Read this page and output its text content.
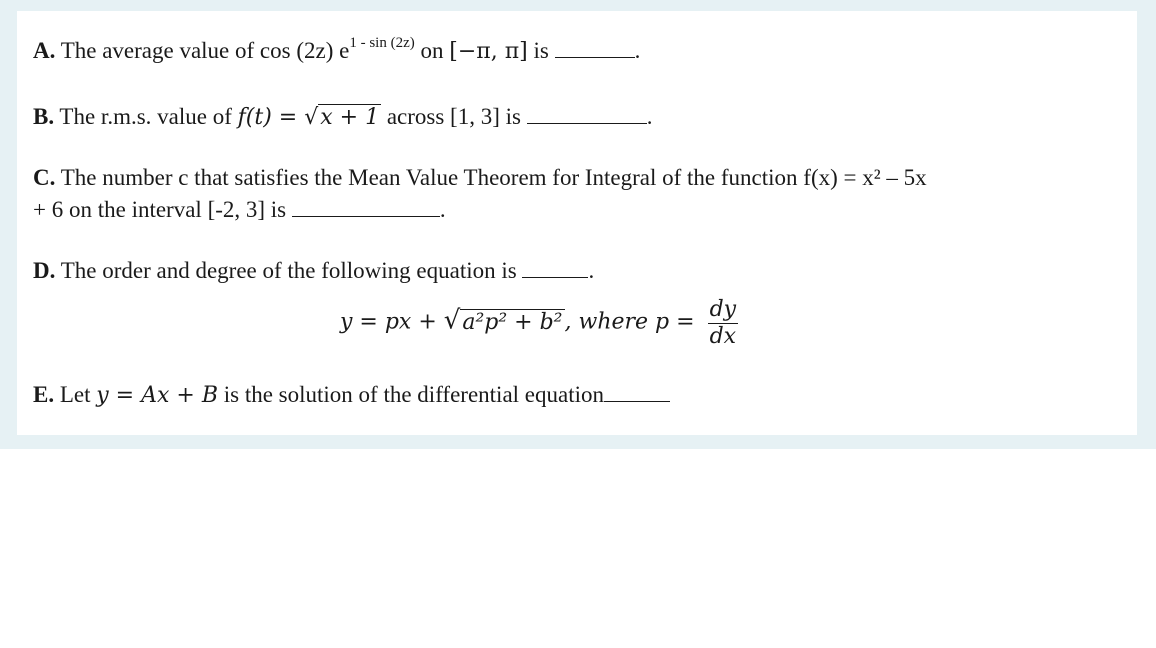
A. The average value of cos (2z) $e^{1 - sin (2z)}$ on [−π, π] is	.
B. The r.m.s. value of f(t) = √x + 1 across [1, 3] is	.
C. The number c that satisfies the Mean Value Theorem for Integral of the function f(x) = x² – 5x
+ 6 on the interval [-2, 3] is	.
D. The order and degree of the following equation is	.
y = px + √a²p² + b², where $p = \frac{dy}{dx}$
E. Let y = Ax + B is the solution of the differential equation
